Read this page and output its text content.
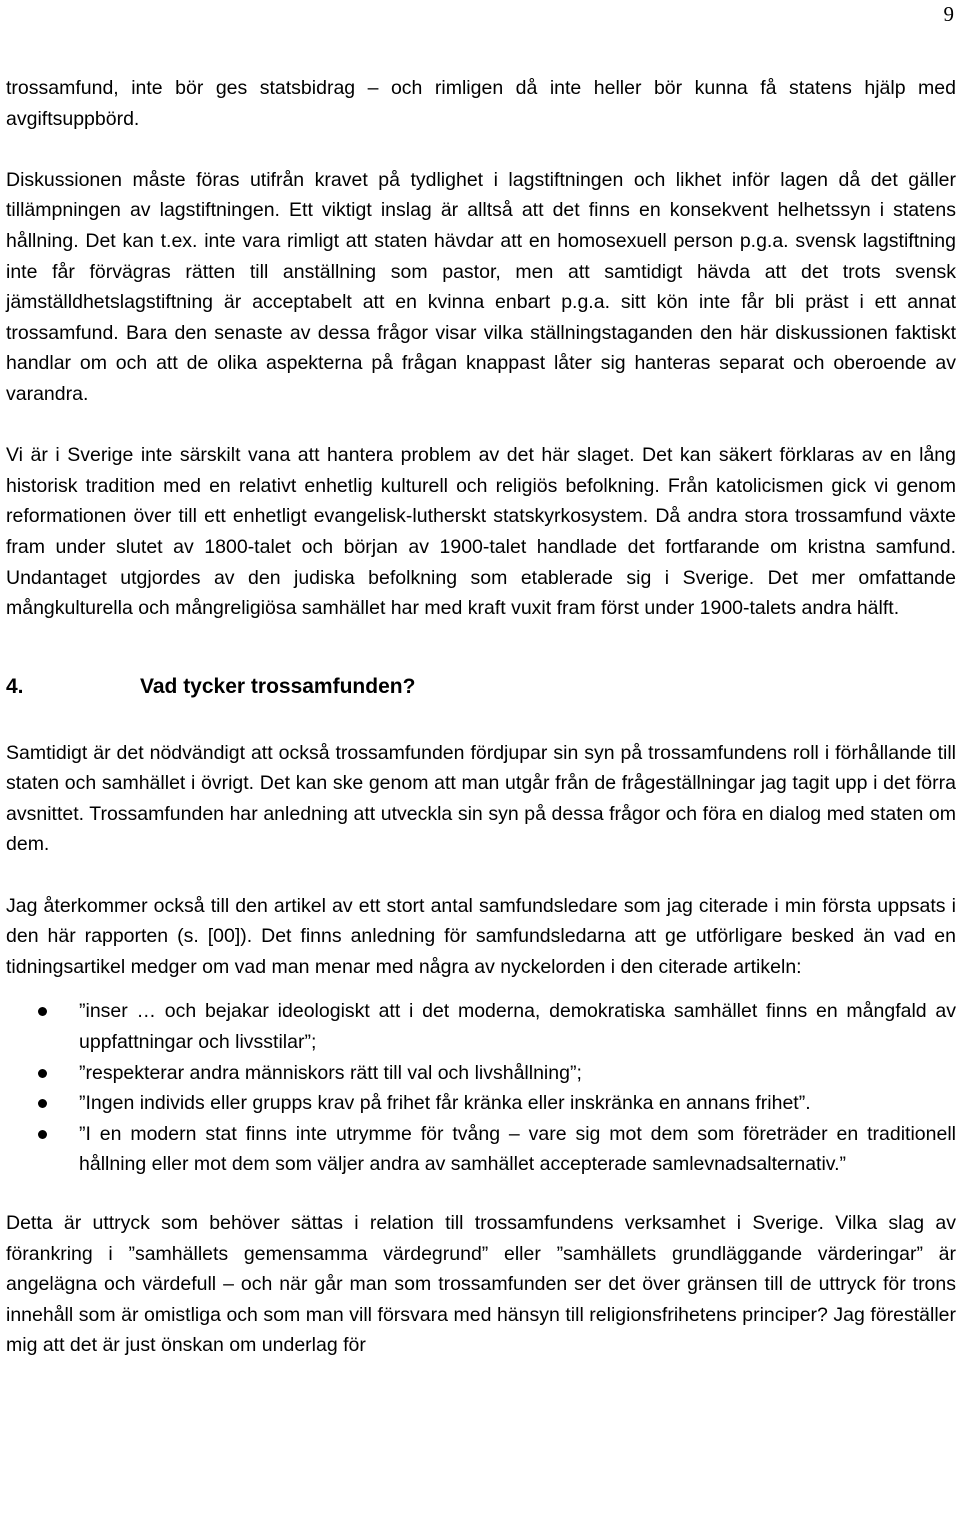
9

trossamfund, inte bör ges statsbidrag – och rimligen då inte heller bör kunna få statens hjälp med avgiftsuppbörd.

Diskussionen måste föras utifrån kravet på tydlighet i lagstiftningen och likhet inför lagen då det gäller tillämpningen av lagstiftningen. Ett viktigt inslag är alltså att det finns en konsekvent helhetssyn i statens hållning. Det kan t.ex. inte vara rimligt att staten hävdar att en homosexuell person p.g.a. svensk lagstiftning inte får förvägras rätten till anställning som pastor, men att samtidigt hävda att det trots svensk jämställdhetslagstiftning är acceptabelt att en kvinna enbart p.g.a. sitt kön inte får bli präst i ett annat trossamfund. Bara den senaste av dessa frågor visar vilka ställningstaganden den här diskussionen faktiskt handlar om och att de olika aspekterna på frågan knappast låter sig hanteras separat och oberoende av varandra.

Vi är i Sverige inte särskilt vana att hantera problem av det här slaget. Det kan säkert förklaras av en lång historisk tradition med en relativt enhetlig kulturell och religiös befolkning. Från katolicismen gick vi genom reformationen över till ett enhetligt evangelisk-lutherskt statskyrkosystem. Då andra stora trossamfund växte fram under slutet av 1800-talet och början av 1900-talet handlade det fortfarande om kristna samfund. Undantaget utgjordes av den judiska befolkning som etablerade sig i Sverige. Det mer omfattande mångkulturella och mångreligiösa samhället har med kraft vuxit fram först under 1900-talets andra hälft.

4.	Vad tycker trossamfunden?

Samtidigt är det nödvändigt att också trossamfunden fördjupar sin syn på trossamfundens roll i förhållande till staten och samhället i övrigt. Det kan ske genom att man utgår från de frågeställningar jag tagit upp i det förra avsnittet. Trossamfunden har anledning att utveckla sin syn på dessa frågor och föra en dialog med staten om dem.

Jag återkommer också till den artikel av ett stort antal samfundsledare som jag citerade i min första uppsats i den här rapporten (s. [00]). Det finns anledning för samfundsledarna att ge utförligare besked än vad en tidningsartikel medger om vad man menar med några av nyckelorden i den citerade artikeln:

”inser … och bejakar ideologiskt att i det moderna, demokratiska samhället finns en mångfald av uppfattningar och livsstilar”;
”respekterar andra människors rätt till val och livshållning”;
”Ingen individs eller grupps krav på frihet får kränka eller inskränka en annans frihet”.
”I en modern stat finns inte utrymme för tvång – vare sig mot dem som företräder en traditionell hållning eller mot dem som väljer andra av samhället accepterade samlevnadsalternativ.”

Detta är uttryck som behöver sättas i relation till trossamfundens verksamhet i Sverige. Vilka slag av förankring i ”samhällets gemensamma värdegrund” eller ”samhällets grundläggande värderingar” är angelägna och värdefull – och när går man som trossamfunden ser det över gränsen till de uttryck för trons innehåll som är omistliga och som man vill försvara med hänsyn till religionsfrihetens principer? Jag föreställer mig att det är just önskan om underlag för
